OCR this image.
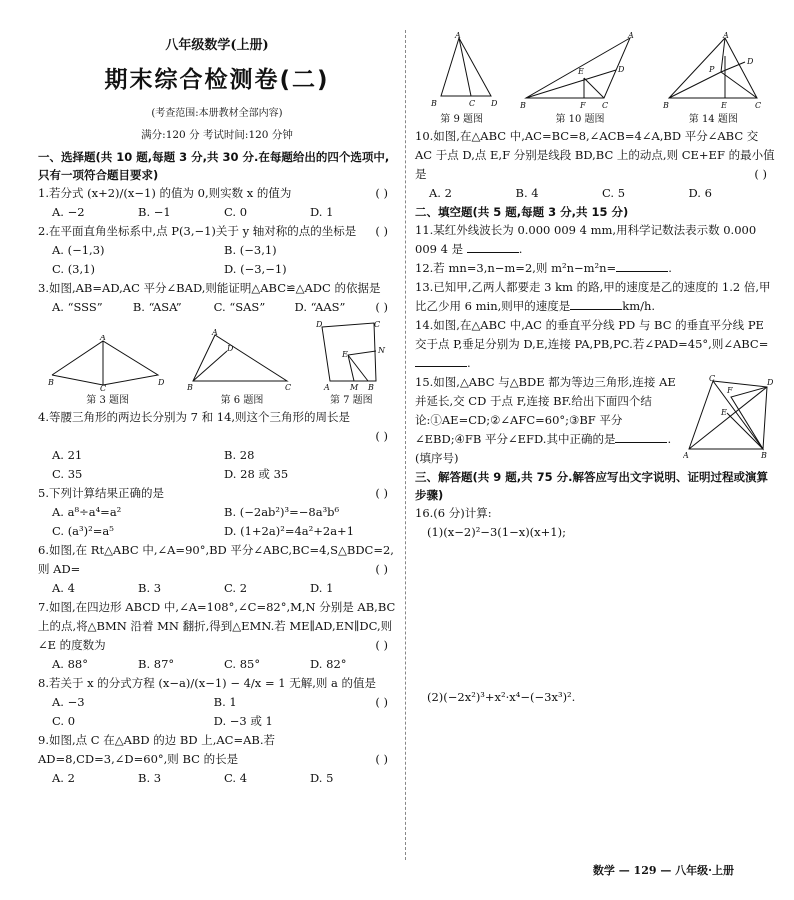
八年级数学(上册)
期末综合检测卷(二)
(考查范围:本册教材全部内容)
满分:120 分 考试时间:120 分钟
一、选择题(共 10 题,每题 3 分,共 30 分.在每题给出的四个选项中,只有一项符合题目要求)
1.若分式 (x+2)/(x−1) 的值为 0,则实数 x 的值为	( )
A. −2	B. −1	C. 0	D. 1
2.在平面直角坐标系中,点 P(3,−1)关于 y 轴对称的点的坐标是 ( )
A. (−1,3)	B. (−3,1)
C. (3,1)	D. (−3,−1)
3.如图,AB=AD,AC 平分∠BAD,则能证明△ABC≌△ADC 的依据是
( )
A. “SSS”	B. “ASA”	C. “SAS”	D. “AAS”
A
B
C
D
第 3 题图
A
D
B	C
第 6 题图
D	C
E	N
A	M B
第 7 题图
4.等腰三角形的两边长分别为 7 和 14,则这个三角形的周长是
( )

A. 21	B. 28
C. 35	D. 28 或 35
5.下列计算结果正确的是	( )
A. a⁸÷a⁴=a²	B. (−2ab²)³=−8a³b⁶
C. (a³)²=a⁵	D. (1+2a)²=4a²+2a+1
6.如图,在 Rt△ABC 中,∠A=90°,BD 平分∠ABC,BC=4,S△BDC=2,则 AD=	( )
A. 4	B. 3	C. 2	D. 1
7.如图,在四边形 ABCD 中,∠A=108°,∠C=82°,M,N 分别是 AB,BC 上的点,将△BMN 沿着 MN 翻折,得到△EMN.若 ME∥AD,EN∥DC,则∠E 的度数为	( )
A. 88°	B. 87°	C. 85°	D. 82°
8.若关于 x 的分式方程 (x−a)/(x−1) − 4/x = 1 无解,则 a 的值是
( )
A. −3	B. 1
C. 0	D. −3 或 1
9.如图,点 C 在△ABD 的边 BD 上,AC=AB.若 AD=8,CD=3,∠D=60°,则 BC 的长是	( )
A. 2	B. 3	C. 4	D. 5
A
B	C D
第 9 题图
A
D
E
B	F C
第 10 题图
A
D
P
B	E	C
第 14 题图
10.如图,在△ABC 中,AC=BC=8,∠ACB=4∠A,BD 平分∠ABC 交 AC 于点 D,点 E,F 分别是线段 BD,BC 上的动点,则 CE+EF 的最小值是	( )
A. 2	B. 4	C. 5	D. 6
二、填空题(共 5 题,每题 3 分,共 15 分)
11.某红外线波长为 0.000 009 4 mm,用科学记数法表示数 0.000 009 4 是	.
12.若 mn=3,n−m=2,则 m²n−m²n=	.
13.已知甲,乙两人都要走 3 km 的路,甲的速度是乙的速度的 1.2 倍,甲比乙少用 6 min,则甲的速度是	km/h.
14.如图,在△ABC 中,AC 的垂直平分线 PD 与 BC 的垂直平分线 PE 交于点 P,垂足分别为 D,E,连接 PA,PB,PC.若∠PAD=45°,则∠ABC=.
15.如图,△ABC 与△BDE 都为等边三角形,连接 AE 并延长,交 CD 于点 F,连接 BF.给出下面四个结论:①AE=CD;②∠AFC=60°;③BF 平分∠EBD;④FB 平分∠EFD.其中正确的是	.(填序号)
C
F
D
E
A	B
三、解答题(共 9 题,共 75 分.解答应写出文字说明、证明过程或演算步骤)
16.(6 分)计算:
(1)(x−2)²−3(1−x)(x+1);
(2)(−2x²)³+x²·x⁴−(−3x³)².
数学 — 129 — 八年级·上册
